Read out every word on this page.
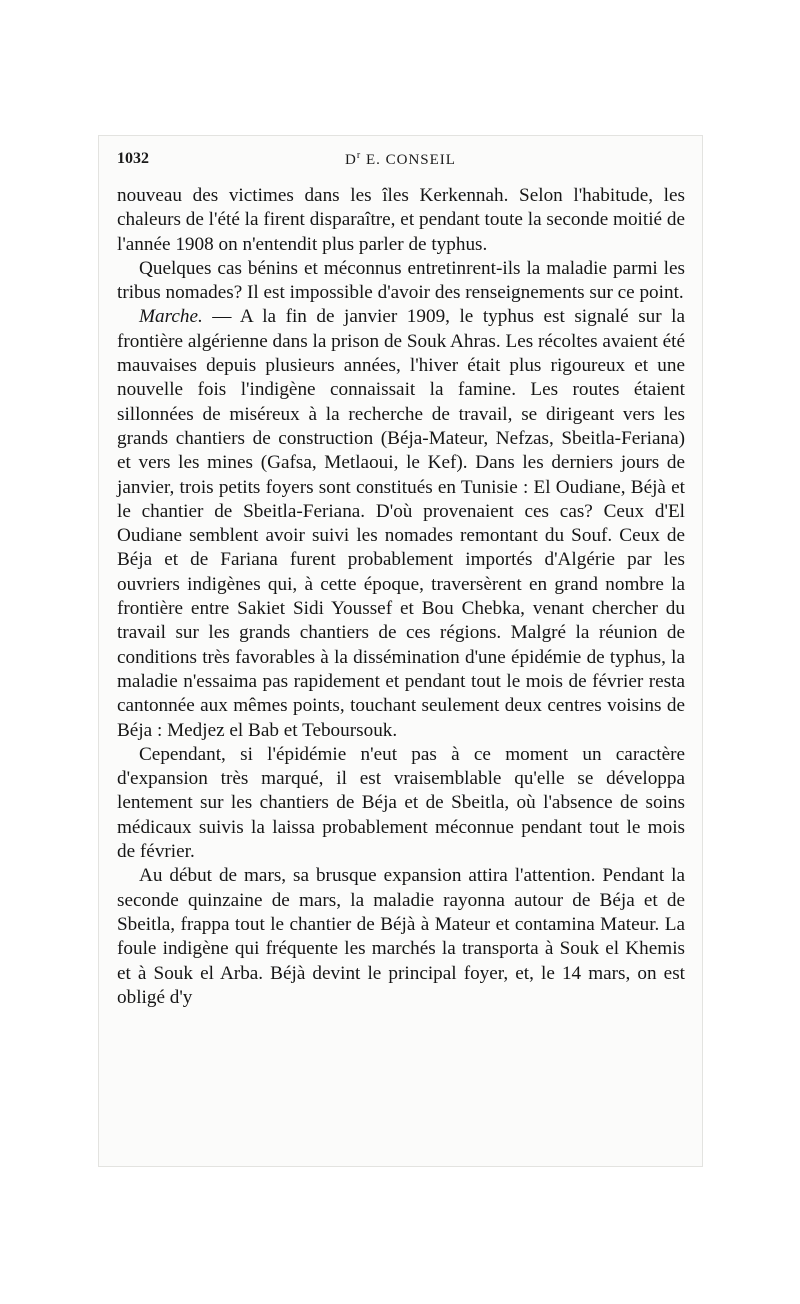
1032	$D^r$ E. CONSEIL

nouveau des victimes dans les îles Kerkennah. Selon l'habitude, les chaleurs de l'été la firent disparaître, et pendant toute la seconde moitié de l'année 1908 on n'entendit plus parler de typhus.

Quelques cas bénins et méconnus entretinrent-ils la maladie parmi les tribus nomades? Il est impossible d'avoir des renseignements sur ce point.

Marche. — A la fin de janvier 1909, le typhus est signalé sur la frontière algérienne dans la prison de Souk Ahras. Les récoltes avaient été mauvaises depuis plusieurs années, l'hiver était plus rigoureux et une nouvelle fois l'indigène connaissait la famine. Les routes étaient sillonnées de miséreux à la recherche de travail, se dirigeant vers les grands chantiers de construction (Béja-Mateur, Nefzas, Sbeitla-Feriana) et vers les mines (Gafsa, Metlaoui, le Kef). Dans les derniers jours de janvier, trois petits foyers sont constitués en Tunisie : El Oudiane, Béjà et le chantier de Sbeitla-Feriana. D'où provenaient ces cas? Ceux d'El Oudiane semblent avoir suivi les nomades remontant du Souf. Ceux de Béja et de Fariana furent probablement importés d'Algérie par les ouvriers indigènes qui, à cette époque, traversèrent en grand nombre la frontière entre Sakiet Sidi Youssef et Bou Chebka, venant chercher du travail sur les grands chantiers de ces régions. Malgré la réunion de conditions très favorables à la dissémination d'une épidémie de typhus, la maladie n'essaima pas rapidement et pendant tout le mois de février resta cantonnée aux mêmes points, touchant seulement deux centres voisins de Béja : Medjez el Bab et Teboursouk.

Cependant, si l'épidémie n'eut pas à ce moment un caractère d'expansion très marqué, il est vraisemblable qu'elle se développa lentement sur les chantiers de Béja et de Sbeitla, où l'absence de soins médicaux suivis la laissa probablement méconnue pendant tout le mois de février.

Au début de mars, sa brusque expansion attira l'attention. Pendant la seconde quinzaine de mars, la maladie rayonna autour de Béja et de Sbeitla, frappa tout le chantier de Béjà à Mateur et contamina Mateur. La foule indigène qui fréquente les marchés la transporta à Souk el Khemis et à Souk el Arba. Béjà devint le principal foyer, et, le 14 mars, on est obligé d'y
